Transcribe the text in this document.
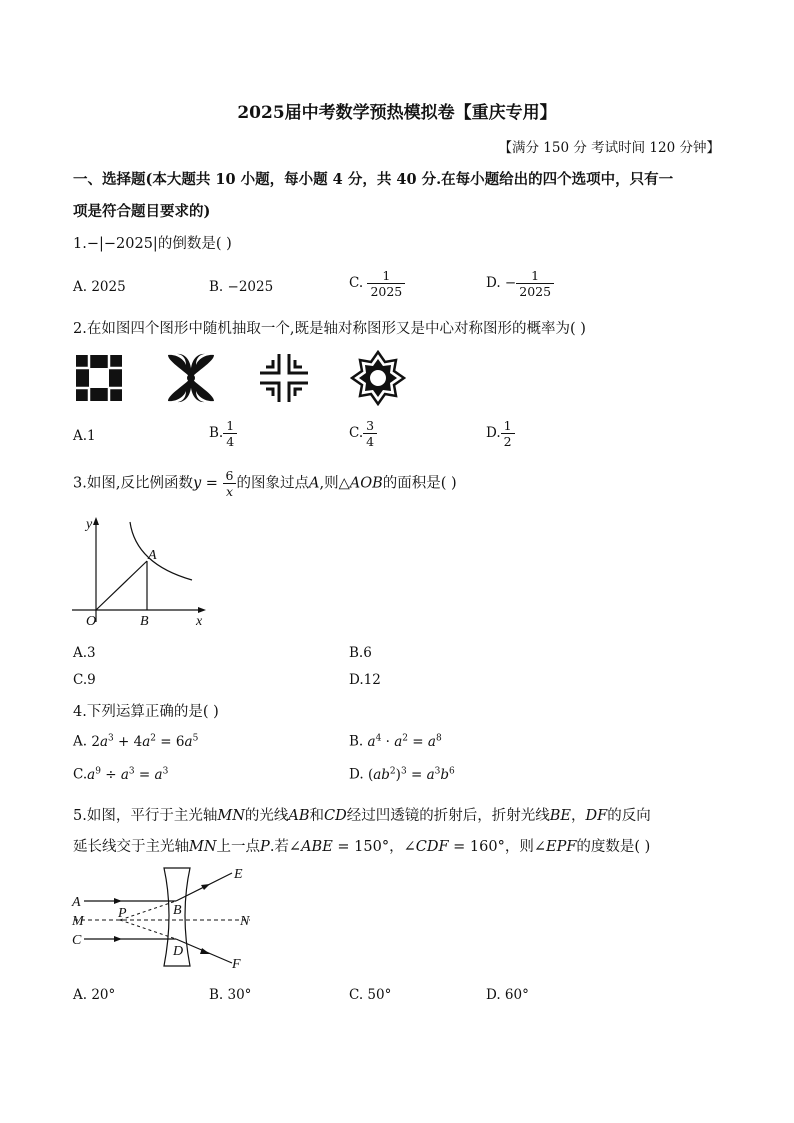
2025届中考数学预热模拟卷【重庆专用】
【满分 150 分 考试时间 120 分钟】
一、选择题(本大题共 10 小题，每小题 4 分，共 40 分.在每小题给出的四个选项中，只有一
项是符合题目要求的)
1.−|−2025|的倒数是( )
A. 2025	B. −2025	C. $\frac{1}{2025}$	D. − $\frac{1}{2025}$
2.在如图四个图形中随机抽取一个,既是轴对称图形又是中心对称图形的概率为( )
A.1	B. $\frac{1}{4}$	C. $\frac{3}{4}$	D. $\frac{1}{2}$
3.如图,反比例函数$y = \frac{6}{x}$ 的图象过点A,则△AOB的面积是( )
y
x
O
A
B
A.3	B.6
C.9	D.12
4.下列运算正确的是( )
A. $2a^3 + 4a^2 = 6a^5$	B. $a^4 \cdot a^2 = a^8$
$C.a^9 \div a^3 = a^3$	D. $(ab^2)^3 = a^3b^6$
5.如图，平行于主光轴MN的光线AB和CD经过凹透镜的折射后，折射光线BE，DF的反向
延长线交于主光轴MN上一点P.若∠ABE = 150°，∠CDF = 160°，则∠EPF的度数是( )
A
M
C
P	B
D
E
N
F
A. 20°	B. 30°	C. 50°	D. 60°
